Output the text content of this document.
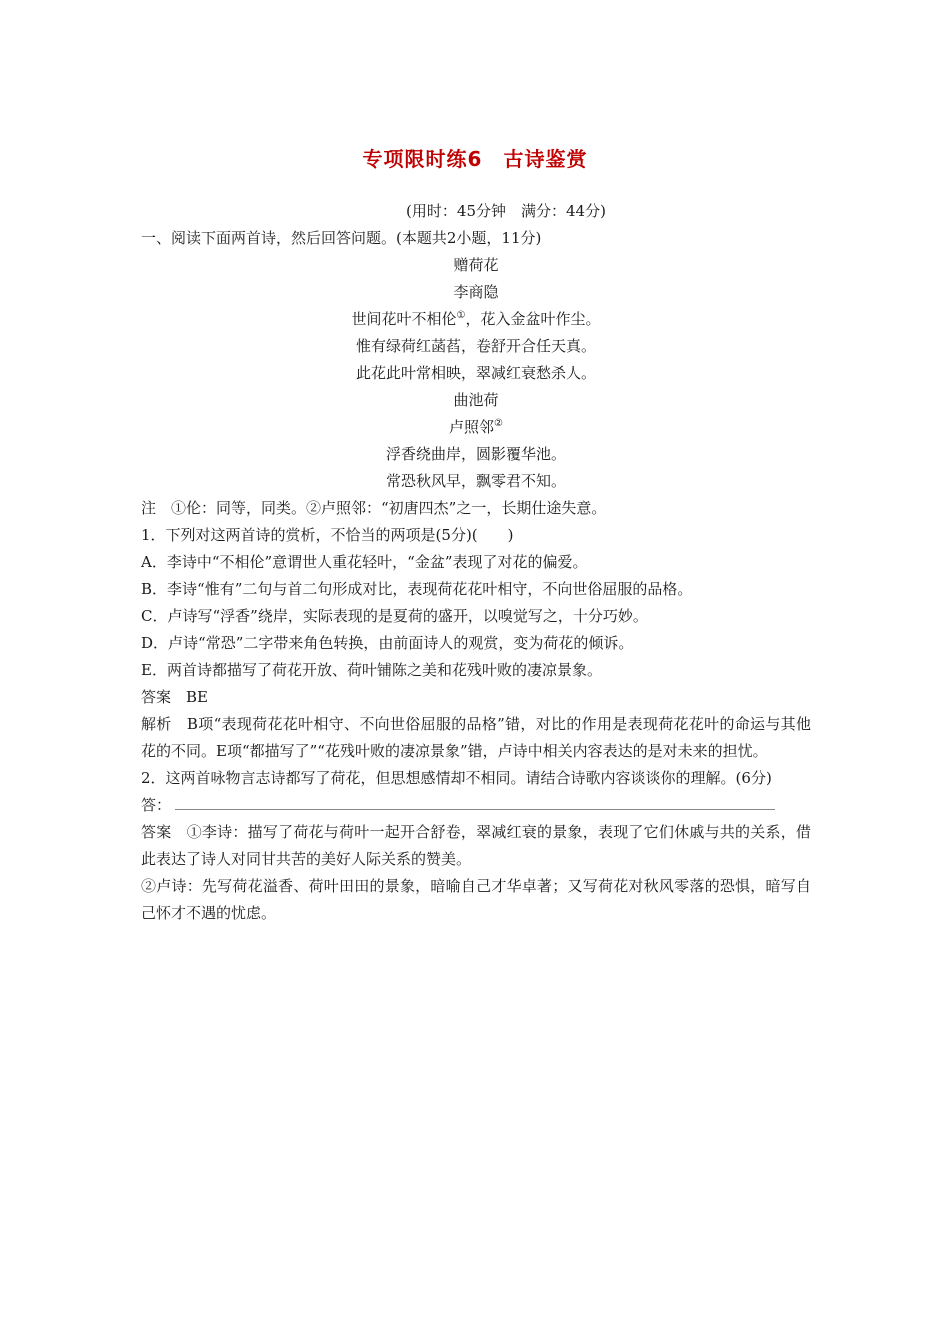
专项限时练6　古诗鉴赏

(用时：45分钟　满分：44分)

一、阅读下面两首诗，然后回答问题。(本题共2小题，11分)

赠荷花

李商隐

世间花叶不相伦①，花入金盆叶作尘。

惟有绿荷红菡萏，卷舒开合任天真。

此花此叶常相映，翠减红衰愁杀人。

曲池荷

卢照邻②

浮香绕曲岸，圆影覆华池。

常恐秋风早，飘零君不知。

注　①伦：同等，同类。②卢照邻：“初唐四杰”之一，长期仕途失意。

1．下列对这两首诗的赏析，不恰当的两项是(5分)(　　)

A．李诗中“不相伦”意谓世人重花轻叶，“金盆”表现了对花的偏爱。

B．李诗“惟有”二句与首二句形成对比，表现荷花花叶相守，不向世俗屈服的品格。

C．卢诗写“浮香”绕岸，实际表现的是夏荷的盛开，以嗅觉写之，十分巧妙。

D．卢诗“常恐”二字带来角色转换，由前面诗人的观赏，变为荷花的倾诉。

E．两首诗都描写了荷花开放、荷叶铺陈之美和花残叶败的凄凉景象。

答案　BE

解析　B项“表现荷花花叶相守、不向世俗屈服的品格”错，对比的作用是表现荷花花叶的命运与其他花的不同。E项“都描写了”“花残叶败的凄凉景象”错，卢诗中相关内容表达的是对未来的担忧。

2．这两首咏物言志诗都写了荷花，但思想感情却不相同。请结合诗歌内容谈谈你的理解。(6分)

答：

答案　①李诗：描写了荷花与荷叶一起开合舒卷，翠减红衰的景象，表现了它们休戚与共的关系，借此表达了诗人对同甘共苦的美好人际关系的赞美。

②卢诗：先写荷花溢香、荷叶田田的景象，暗喻自己才华卓著；又写荷花对秋风零落的恐惧，暗写自己怀才不遇的忧虑。
